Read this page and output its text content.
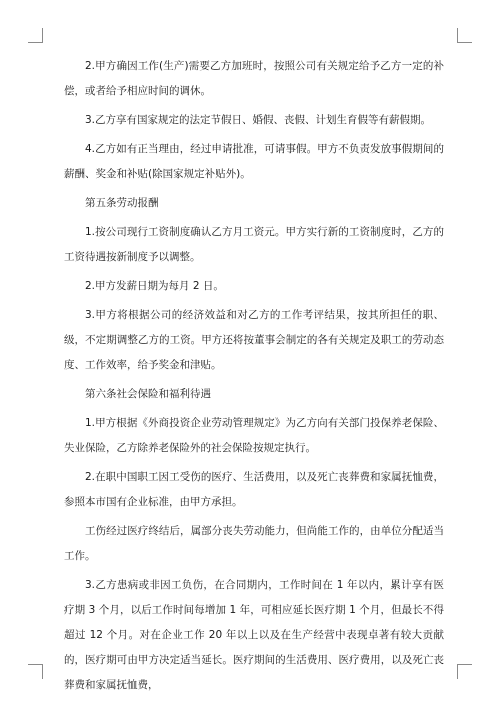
2.甲方确因工作(生产)需要乙方加班时，按照公司有关规定给予乙方一定的补偿，或者给予相应时间的调休。

3.乙方享有国家规定的法定节假日、婚假、丧假、计划生育假等有薪假期。

4.乙方如有正当理由，经过申请批准，可请事假。甲方不负责发放事假期间的薪酬、奖金和补贴(除国家规定补贴外)。

第五条劳动报酬

1.按公司现行工资制度确认乙方月工资元。甲方实行新的工资制度时，乙方的工资待遇按新制度予以调整。

2.甲方发薪日期为每月 2 日。

3.甲方将根据公司的经济效益和对乙方的工作考评结果，按其所担任的职、级，不定期调整乙方的工资。甲方还将按董事会制定的各有关规定及职工的劳动态度、工作效率，给予奖金和津贴。

第六条社会保险和福利待遇

1.甲方根据《外商投资企业劳动管理规定》为乙方向有关部门投保养老保险、失业保险，乙方除养老保险外的社会保险按规定执行。

2.在职中国职工因工受伤的医疗、生活费用，以及死亡丧葬费和家属抚恤费，参照本市国有企业标准，由甲方承担。

工伤经过医疗终结后，属部分丧失劳动能力，但尚能工作的，由单位分配适当工作。

3.乙方患病或非因工负伤，在合同期内，工作时间在 1 年以内，累计享有医疗期 3 个月，以后工作时间每增加 1 年，可相应延长医疗期 1 个月，但最长不得超过 12 个月。对在企业工作 20 年以上以及在生产经营中表现卓著有较大贡献的，医疗期可由甲方决定适当延长。医疗期间的生活费用、医疗费用，以及死亡丧葬费和家属抚恤费，
